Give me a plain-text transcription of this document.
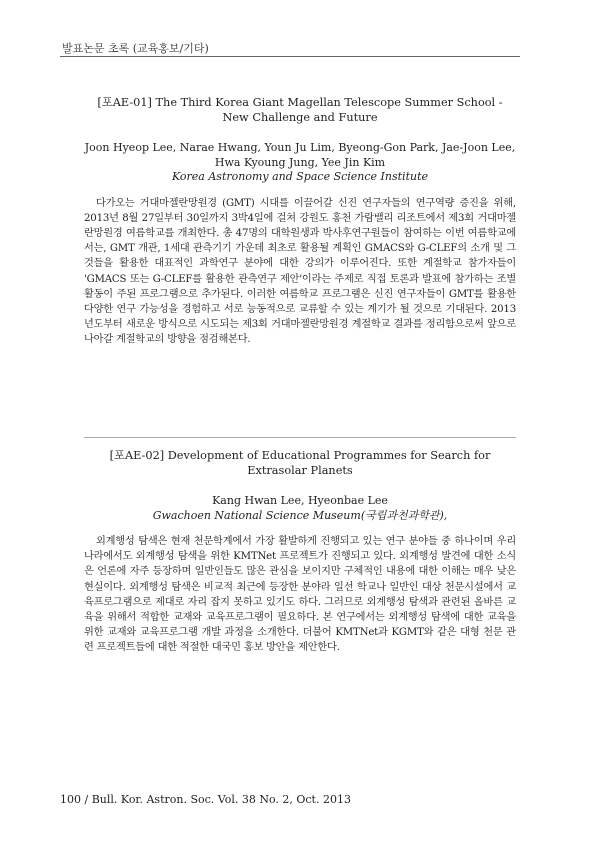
발표논문 초록 (교육홍보/기타)

[포AE-01] The Third Korea Giant Magellan Telescope Summer School - New Challenge and Future

Joon Hyeop Lee, Narae Hwang, Youn Ju Lim, Byeong-Gon Park, Jae-Joon Lee, Hwa Kyoung Jung, Yee Jin Kim
Korea Astronomy and Space Science Institute
다가오는 거대마젤란망원경 (GMT) 시대를 이끌어갈 신진 연구자들의 연구역량 증진을 위해, 2013년 8월 27일부터 30일까지 3박4일에 걸쳐 강원도 홍천 가람밸리 리조트에서 제3회 거대마젤란망원경 여름학교를 개최한다. 총 47명의 대학원생과 박사후연구원들이 참여하는 이번 여름학교에서는, GMT 개관, 1세대 관측기기 가운데 최초로 활용될 계획인 GMACS와 G-CLEF의 소개 및 그것들을 활용한 대표적인 과학연구 분야에 대한 강의가 이루어진다. 또한 계절학교 참가자들이 'GMACS 또는 G-CLEF를 활용한 관측연구 제안'이라는 주제로 직접 토론과 발표에 참가하는 조별 활동이 주된 프로그램으로 추가된다. 이러한 여름학교 프로그램은 신진 연구자들이 GMT를 활용한 다양한 연구 가능성을 경험하고 서로 능동적으로 교류할 수 있는 계기가 될 것으로 기대된다. 2013년도부터 새로운 방식으로 시도되는 제3회 거대마젤란망원경 계절학교 결과를 정리함으로써 앞으로 나아갈 계절학교의 방향을 점검해본다.

[포AE-02] Development of Educational Programmes for Search for Extrasolar Planets

Kang Hwan Lee, Hyeonbae Lee
Gwachoen National Science Museum(국립과천과학관),
외계행성 탐색은 현재 천문학계에서 가장 활발하게 진행되고 있는 연구 분야들 중 하나이며 우리나라에서도 외계행성 탐색을 위한 KMTNet 프로젝트가 진행되고 있다. 외계행성 발견에 대한 소식은 언론에 자주 등장하며 일반인들도 많은 관심을 보이지만 구체적인 내용에 대한 이해는 매우 낮은 현실이다. 외계행성 탐색은 비교적 최근에 등장한 분야라 일선 학교나 일반인 대상 천문시설에서 교육프로그램으로 제대로 자리 잡지 못하고 있기도 하다. 그러므로 외계행성 탐색과 관련된 올바른 교육을 위해서 적합한 교재와 교육프로그램이 필요하다. 본 연구에서는 외계행성 탐색에 대한 교육을 위한 교재와 교육프로그램 개발 과정을 소개한다. 더불어 KMTNet과 KGMT와 같은 대형 천문 관련 프로젝트들에 대한 적절한 대국민 홍보 방안을 제안한다.
100 / Bull. Kor. Astron. Soc. Vol. 38 No. 2, Oct. 2013
